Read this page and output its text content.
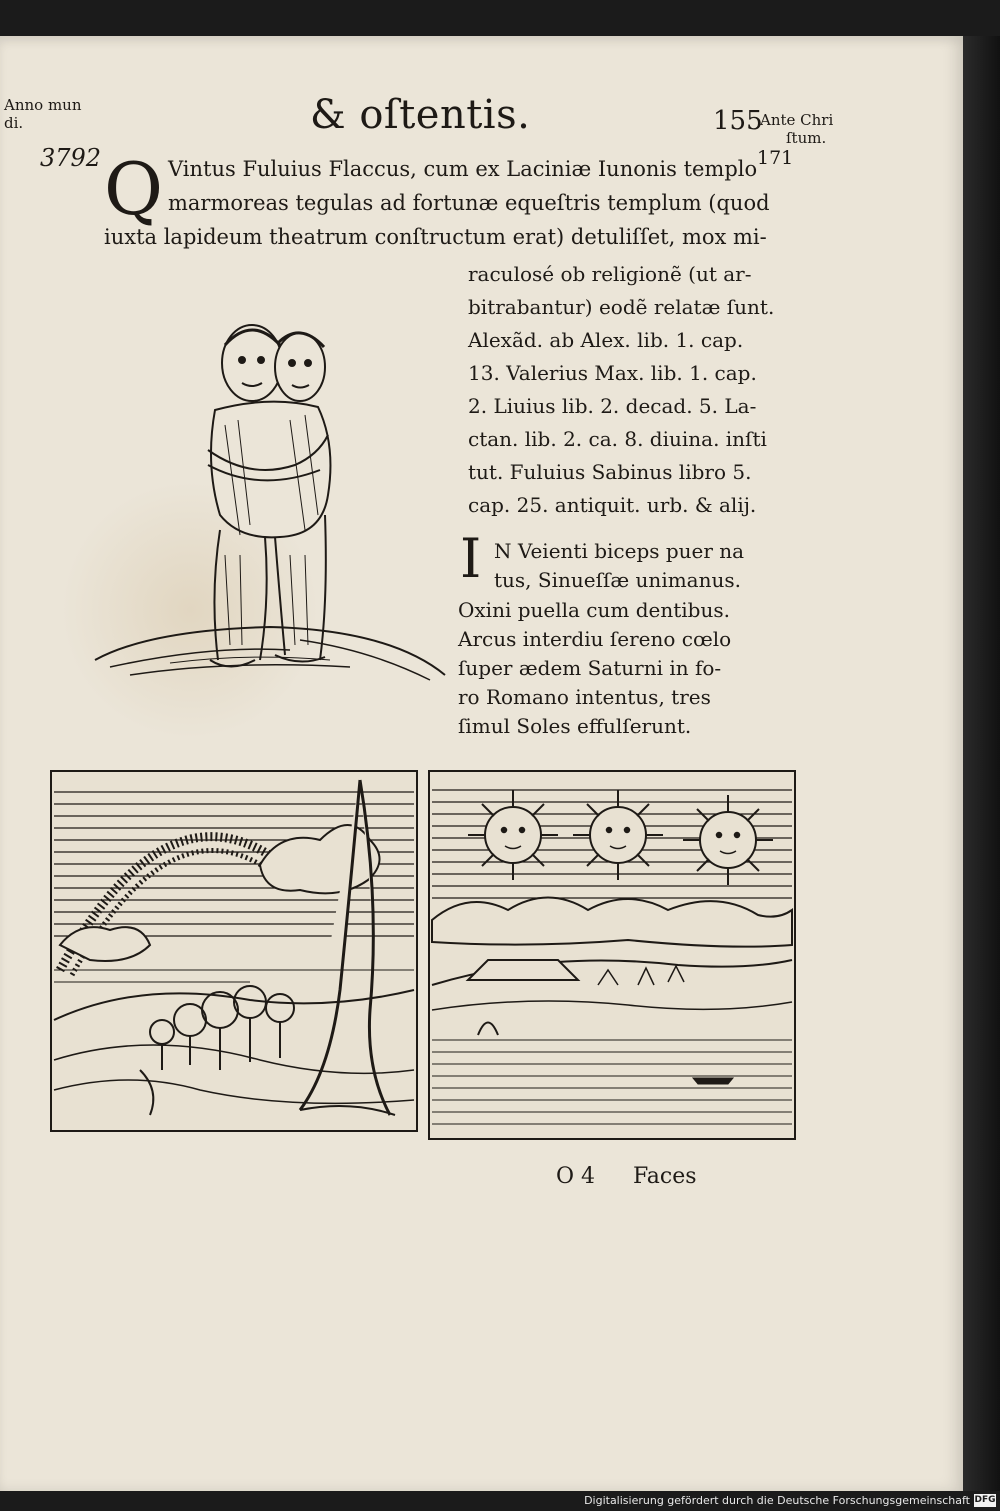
& oſtentis.	155
Anno mun
di.	Ante Chri
ſtum.
171
3792 Q Vintus Fuluius Flaccus, cum ex Laciniæ Iunonis templo
marmoreas tegulas ad fortunæ equeſtris templum (quod
iuxta lapideum theatrum conſtructum erat) detuliſſet, mox mi-

raculosé ob religionẽ (ut ar-

bitrabantur) eodẽ relatæ ſunt.

Alexãd. ab Alex. lib. 1. cap.

13. Valerius Max. lib. 1. cap.

2. Liuius lib. 2. decad. 5. La-

ctan. lib. 2. ca. 8. diuina. inſti

tut. Fuluius Sabinus libro 5.

cap. 25. antiquit. urb. & alij.

I N Veienti biceps puer na
tus, Sinueſſæ unimanus.

Oxini puella cum dentibus.

Arcus interdiu ſereno cœlo

ſuper ædem Saturni in fo-

ro Romano intentus, tres

ſimul Soles effulſerunt.

O 4 Faces
Digitalisierung gefördert durch die Deutsche Forschungsgemeinschaft DFG
